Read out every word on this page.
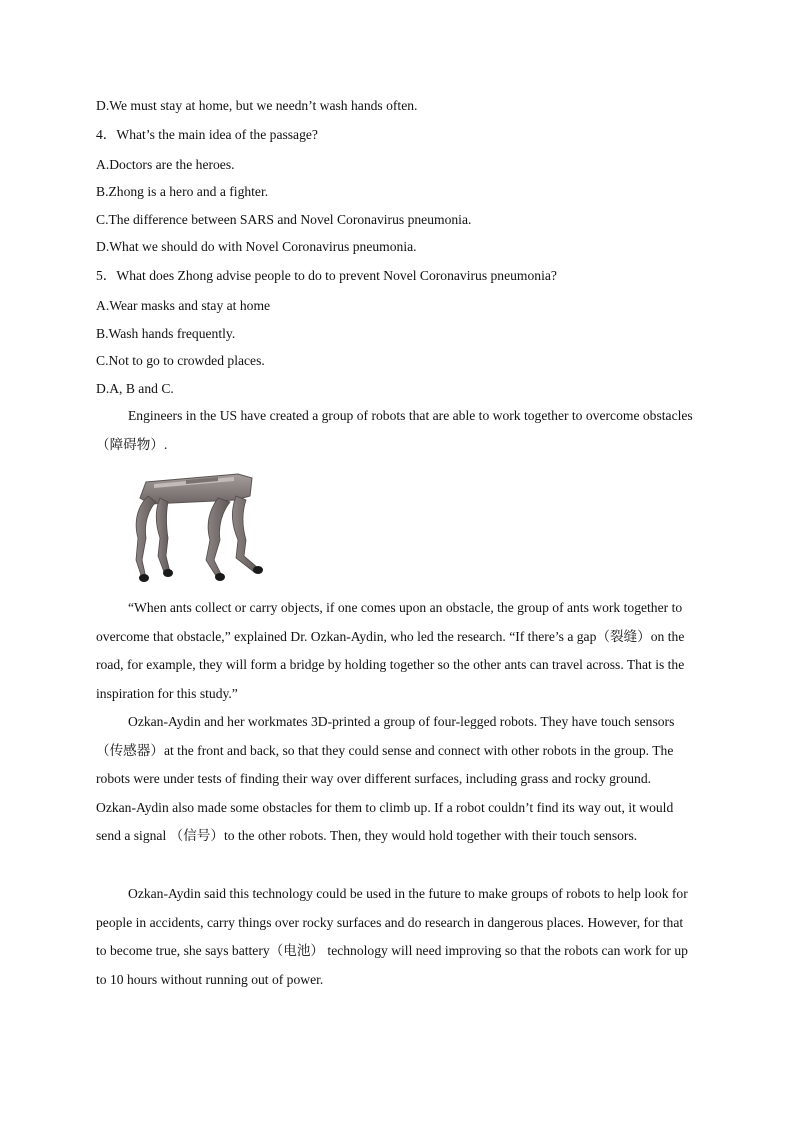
D.We must stay at home, but we needn’t wash hands often.

4．What’s the main idea of the passage?

A.Doctors are the heroes.

B.Zhong is a hero and a fighter.

C.The difference between SARS and Novel Coronavirus pneumonia.

D.What we should do with Novel Coronavirus pneumonia.

5．What does Zhong advise people to do to prevent Novel Coronavirus pneumonia?

A.Wear masks and stay at home

B.Wash hands frequently.

C.Not to go to crowded places.

D.A, B and C.

Engineers in the US have created a group of robots that are able to work together to overcome obstacles（障碍物）.

“When ants collect or carry objects, if one comes upon an obstacle, the group of ants work together to overcome that obstacle,” explained Dr. Ozkan-Aydin, who led the research. “If there’s a gap（裂缝）on the road, for example, they will form a bridge by holding together so the other ants can travel across. That is the inspiration for this study.”

Ozkan-Aydin and her workmates 3D-printed a group of four-legged robots. They have touch sensors（传感器）at the front and back, so that they could sense and connect with other robots in the group. The robots were under tests of finding their way over different surfaces, including grass and rocky ground. Ozkan-Aydin also made some obstacles for them to climb up. If a robot couldn’t find its way out, it would send a signal （信号）to the other robots. Then, they would hold together with their touch sensors.

Ozkan-Aydin said this technology could be used in the future to make groups of robots to help look for people in accidents, carry things over rocky surfaces and do research in dangerous places. However, for that to become true, she says battery（电池） technology will need improving so that the robots can work for up to 10 hours without running out of power.
